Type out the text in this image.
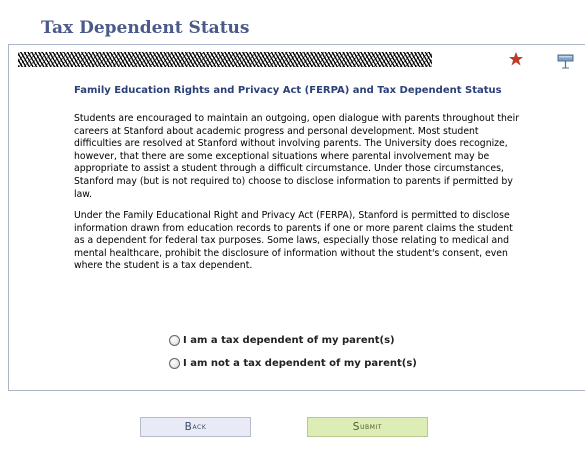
Tax Dependent Status
Family Education Rights and Privacy Act (FERPA) and Tax Dependent Status

Students are encouraged to maintain an outgoing, open dialogue with parents throughout their careers at Stanford about academic progress and personal development. Most student difficulties are resolved at Stanford without involving parents. The University does recognize, however, that there are some exceptional situations where parental involvement may be appropriate to assist a student through a difficult circumstance. Under those circumstances, Stanford may (but is not required to) choose to disclose information to parents if permitted by law.

Under the Family Educational Right and Privacy Act (FERPA), Stanford is permitted to disclose information drawn from education records to parents if one or more parent claims the student as a dependent for federal tax purposes. Some laws, especially those relating to medical and mental healthcare, prohibit the disclosure of information without the student's consent, even where the student is a tax dependent.

I am a tax dependent of my parent(s)
I am not a tax dependent of my parent(s)
B ack	S ubmit
